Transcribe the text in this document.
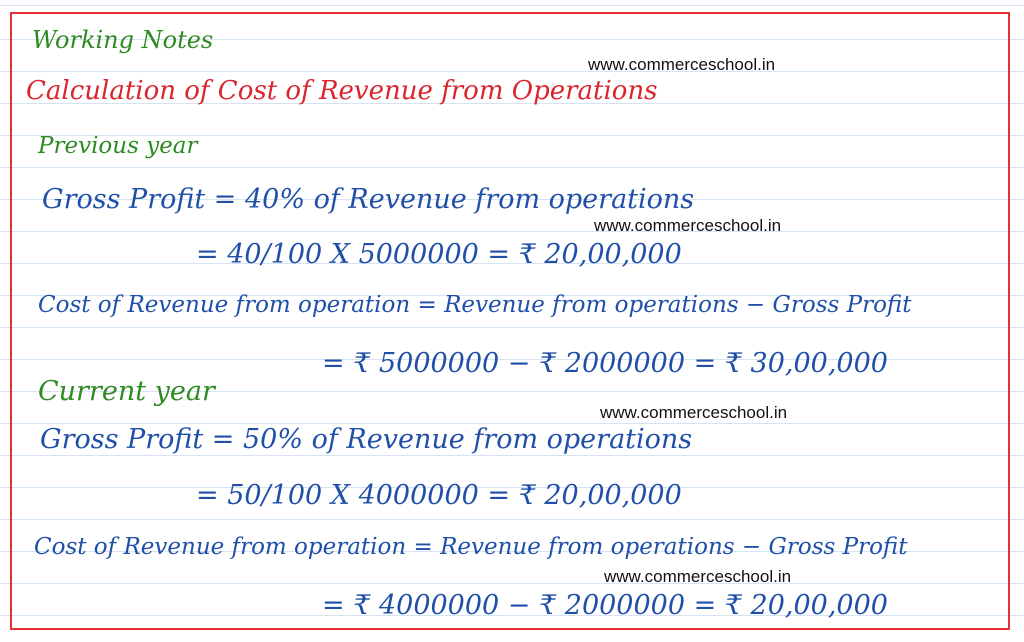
Working Notes
www.commerceschool.in
Calculation of Cost of Revenue from Operations
Previous year
Gross Profit = 40% of Revenue from operations
www.commerceschool.in
= 40/100 X 5000000 = ₹ 20,00,000
Cost of Revenue from operation = Revenue from operations − Gross Profit
= ₹ 5000000 − ₹ 2000000 = ₹ 30,00,000
Current year
www.commerceschool.in
Gross Profit = 50% of Revenue from operations
= 50/100 X 4000000 = ₹ 20,00,000
Cost of Revenue from operation = Revenue from operations − Gross Profit
www.commerceschool.in
= ₹ 4000000 − ₹ 2000000 = ₹ 20,00,000
